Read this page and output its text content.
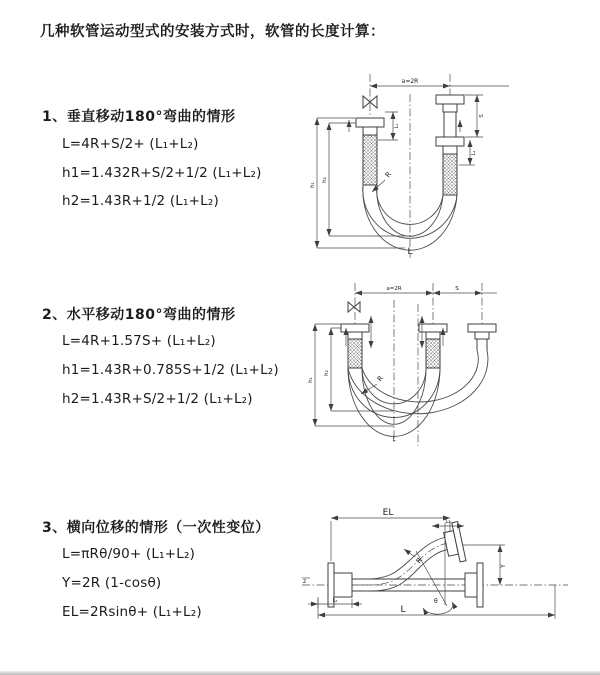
几种软管运动型式的安装方式时，软管的长度计算：
1、垂直移动180°弯曲的情形
L=4R+S/2+ (L₁+L₂)
h1=1.432R+S/2+1/2 (L₁+L₂)
h2=1.43R+1/2 (L₁+L₂)
2、水平移动180°弯曲的情形
L=4R+1.57S+ (L₁+L₂)
h1=1.43R+0.785S+1/2 (L₁+L₂)
h2=1.43R+S/2+1/2 (L₁+L₂)
3、横向位移的情形（一次性变位）
L=πRθ/90+ (L₁+L₂)
Y=2R (1-cosθ)
EL=2Rsinθ+ (L₁+L₂)
a=2R
S
L₁
L₁
h₁
h₂
R
L
a=2R	S
h₁
h₂
R
L
z
θ
R
EL
L₁
Y
L
L₂
